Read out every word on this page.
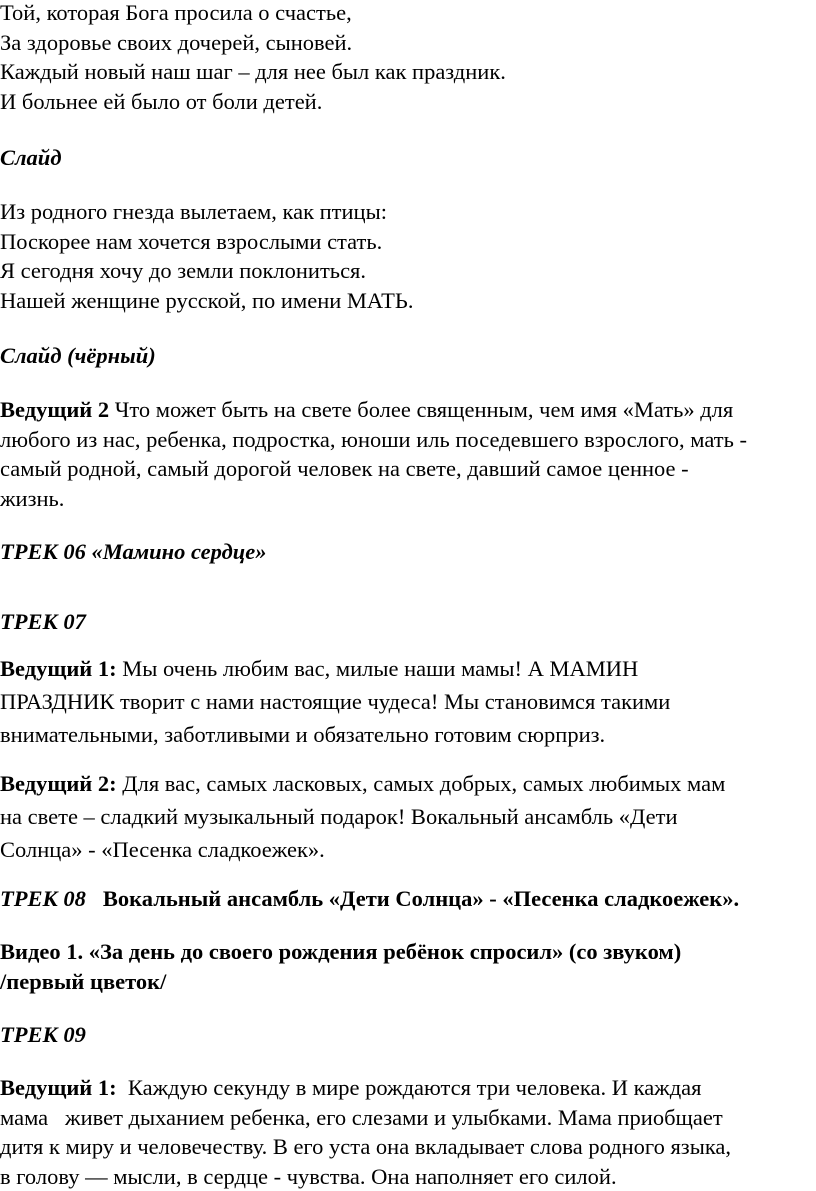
Той, которая Бога просила о счастье,
За здоровье своих дочерей, сыновей.
Каждый новый наш шаг – для нее был как праздник.
И больнее ей было от боли детей.
Слайд
Из родного гнезда вылетаем, как птицы:
Поскорее нам хочется взрослыми стать.
Я сегодня хочу до земли поклониться.
Нашей женщине русской, по имени МАТЬ.
Слайд (чёрный)
Ведущий 2 Что может быть на свете более священным, чем имя «Мать» для
любого из нас, ребенка, подростка, юноши иль поседевшего взрослого, мать -
самый родной, самый дорогой человек на свете, давший самое ценное -
жизнь.
ТРЕК 06 «Мамино сердце»
ТРЕК 07
Ведущий 1: Мы очень любим вас, милые наши мамы! А МАМИН
ПРАЗДНИК творит с нами настоящие чудеса! Мы становимся такими
внимательными, заботливыми и обязательно готовим сюрприз.
Ведущий 2: Для вас, самых ласковых, самых добрых, самых любимых мам
на свете – сладкий музыкальный подарок! Вокальный ансамбль «Дети
Солнца» - «Песенка сладкоежек».
ТРЕК 08 Вокальный ансамбль «Дети Солнца» - «Песенка сладкоежек».
Видео 1. «За день до своего рождения ребёнок спросил» (со звуком)
/первый цветок/
ТРЕК 09
Ведущий 1:  Каждую секунду в мире рождаются три человека. И каждая
мама   живет дыханием ребенка, его слезами и улыбками. Мама приобщает
дитя к миру и человечеству. В его уста она вкладывает слова родного языка,
в голову — мысли, в сердце - чувства. Она наполняет его силой.
